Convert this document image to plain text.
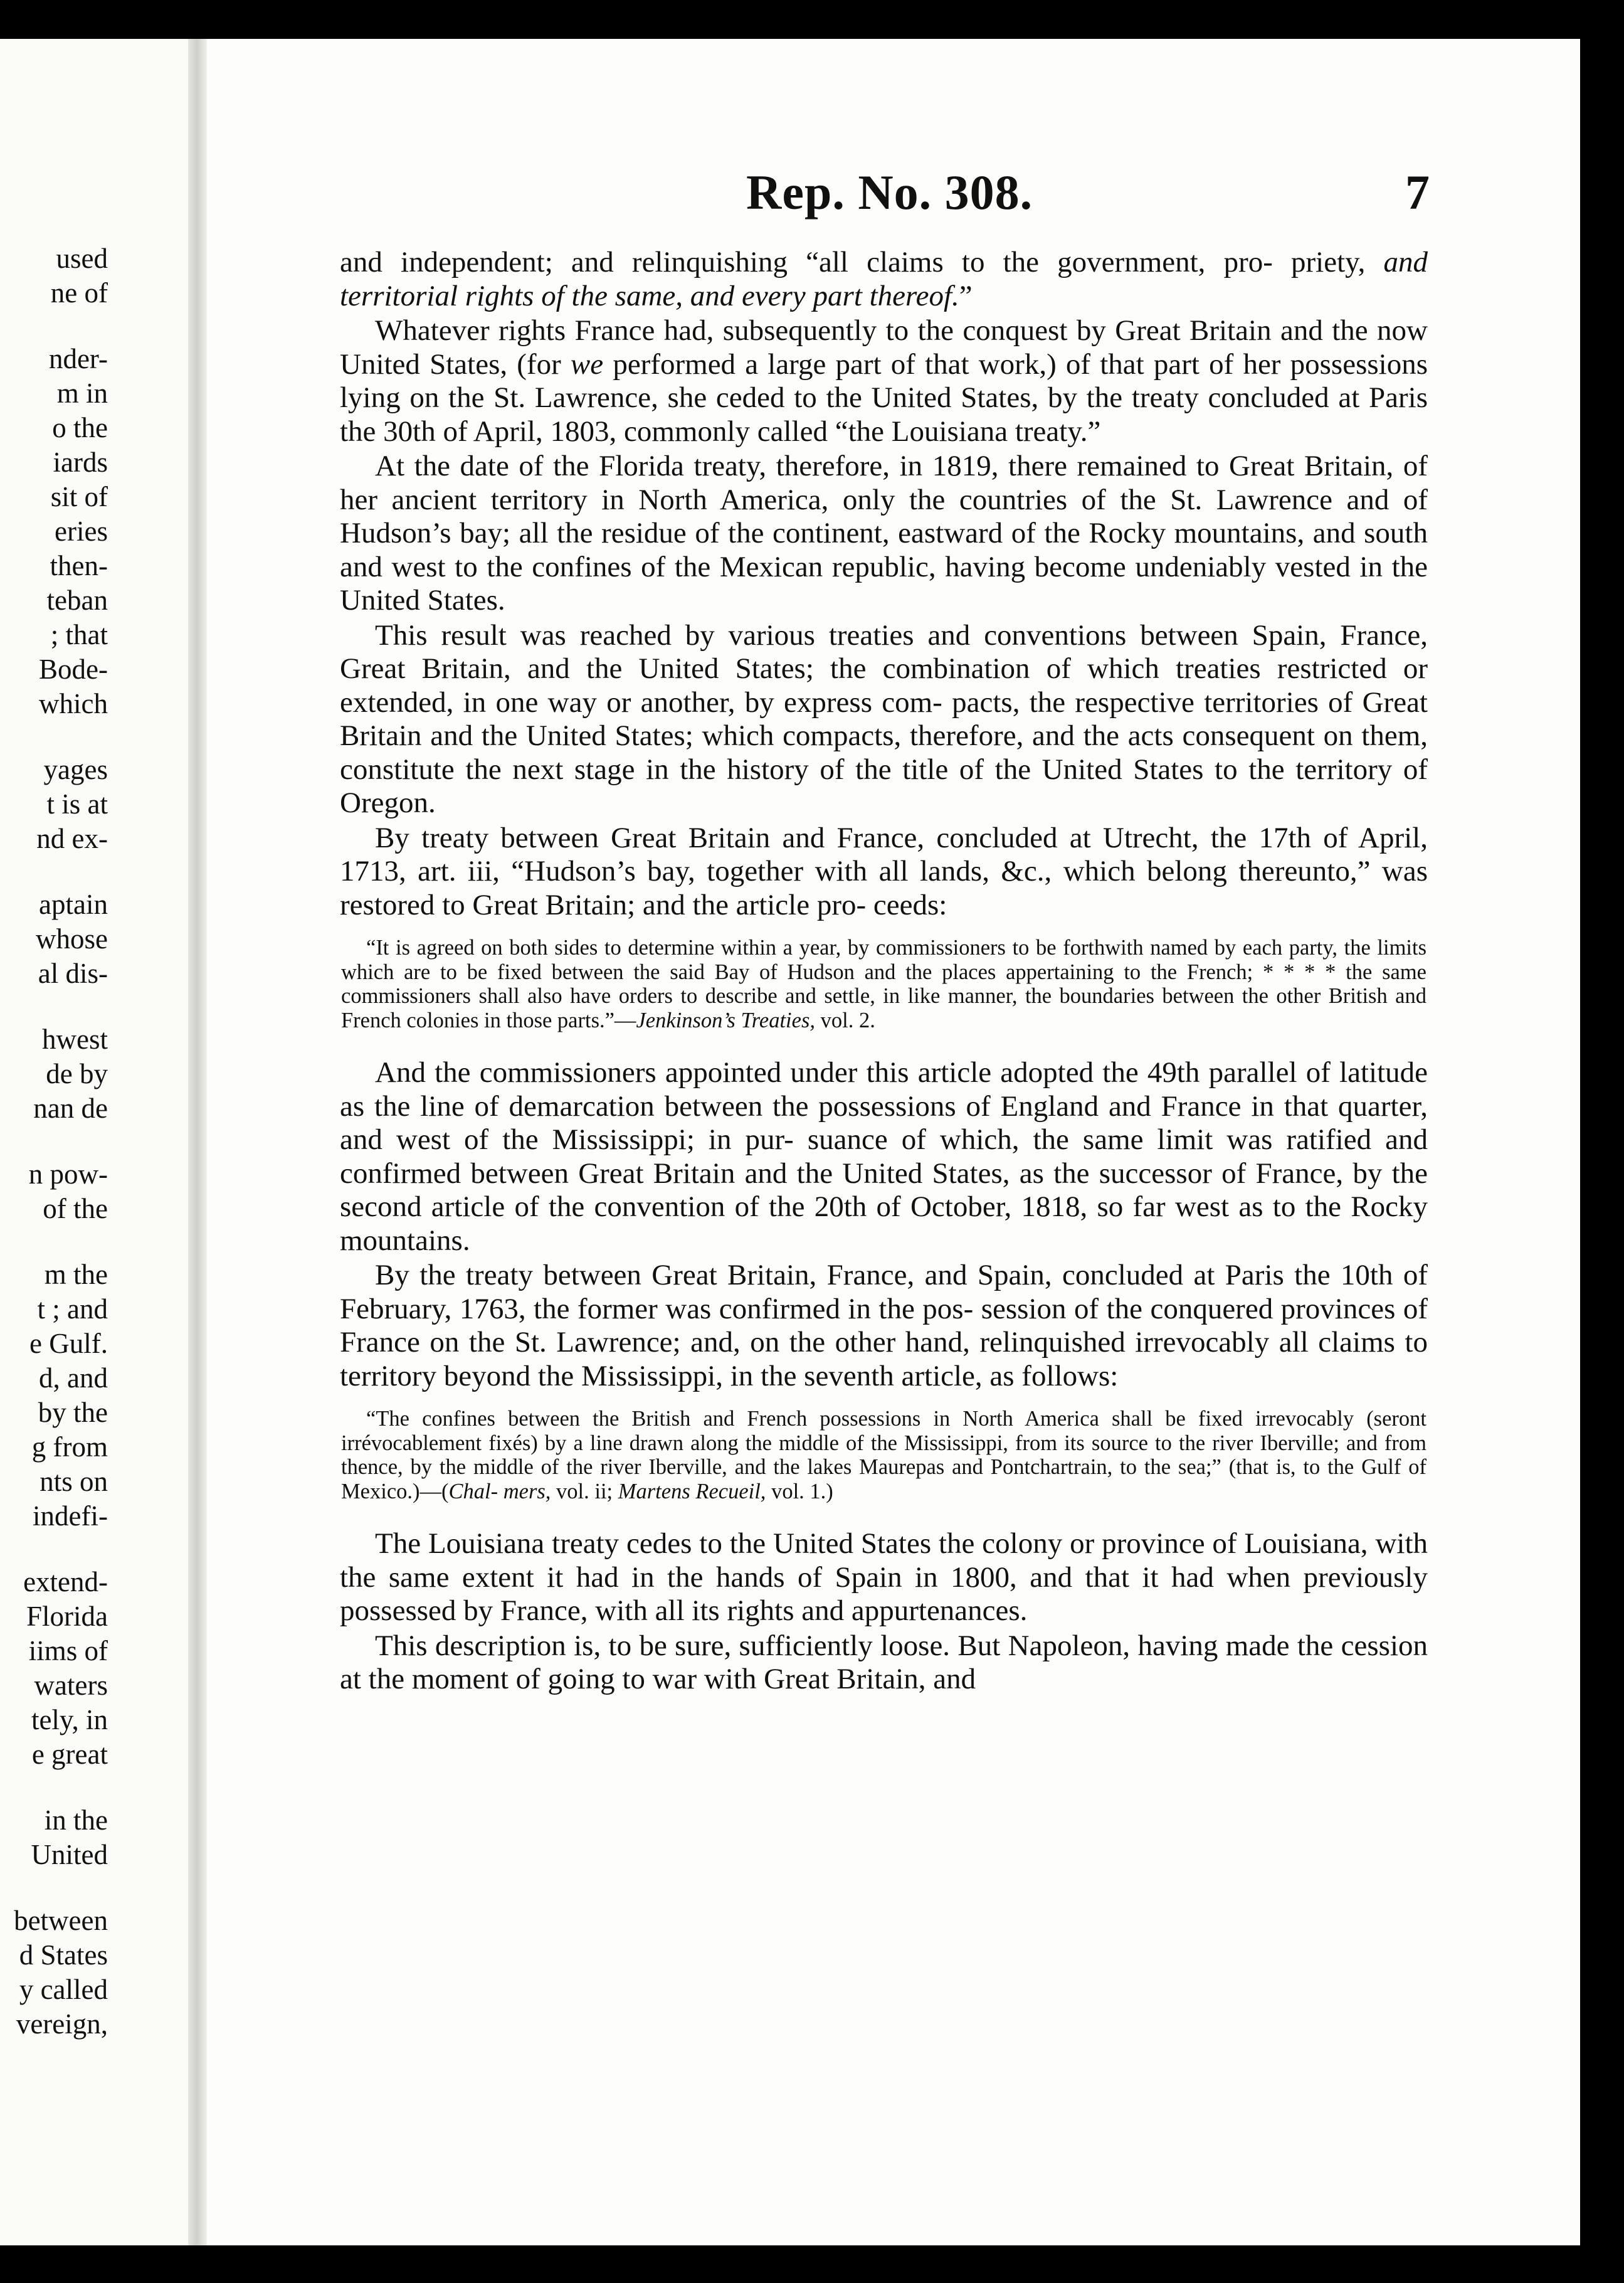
used
ne of
nder-
m in
o the
iards
sit of
eries
then-
teban
; that
Bode-
which
yages
t is at
nd ex-
aptain
whose
al dis-
hwest
de by
nan de
n pow-
of the
m the
t ; and
e Gulf.
d, and
by the
g from
nts on
indefi-
extend-
Florida
iims of
waters
tely, in
e great
in the
United
between
d States
y called
vereign,
Rep. No. 308.	7

and independent; and relinquishing “all claims to the government, pro- priety, and territorial rights of the same, and every part thereof.”

Whatever rights France had, subsequently to the conquest by Great Britain and the now United States, (for we performed a large part of that work,) of that part of her possessions lying on the St. Lawrence, she ceded to the United States, by the treaty concluded at Paris the 30th of April, 1803, commonly called “the Louisiana treaty.”

At the date of the Florida treaty, therefore, in 1819, there remained to Great Britain, of her ancient territory in North America, only the countries of the St. Lawrence and of Hudson’s bay; all the residue of the continent, eastward of the Rocky mountains, and south and west to the confines of the Mexican republic, having become undeniably vested in the United States.

This result was reached by various treaties and conventions between Spain, France, Great Britain, and the United States; the combination of which treaties restricted or extended, in one way or another, by express com- pacts, the respective territories of Great Britain and the United States; which compacts, therefore, and the acts consequent on them, constitute the next stage in the history of the title of the United States to the territory of Oregon.

By treaty between Great Britain and France, concluded at Utrecht, the 17th of April, 1713, art. iii, “Hudson’s bay, together with all lands, &c., which belong thereunto,” was restored to Great Britain; and the article pro- ceeds:

“It is agreed on both sides to determine within a year, by commissioners to be forthwith named by each party, the limits which are to be fixed between the said Bay of Hudson and the places appertaining to the French; * * * * the same commissioners shall also have orders to describe and settle, in like manner, the boundaries between the other British and French colonies in those parts.”—Jenkinson’s Treaties, vol. 2.

And the commissioners appointed under this article adopted the 49th parallel of latitude as the line of demarcation between the possessions of England and France in that quarter, and west of the Mississippi; in pur- suance of which, the same limit was ratified and confirmed between Great Britain and the United States, as the successor of France, by the second article of the convention of the 20th of October, 1818, so far west as to the Rocky mountains.

By the treaty between Great Britain, France, and Spain, concluded at Paris the 10th of February, 1763, the former was confirmed in the pos- session of the conquered provinces of France on the St. Lawrence; and, on the other hand, relinquished irrevocably all claims to territory beyond the Mississippi, in the seventh article, as follows:

“The confines between the British and French possessions in North America shall be fixed irrevocably (seront irrévocablement fixés) by a line drawn along the middle of the Mississippi, from its source to the river Iberville; and from thence, by the middle of the river Iberville, and the lakes Maurepas and Pontchartrain, to the sea;” (that is, to the Gulf of Mexico.)—(Chal- mers, vol. ii; Martens Recueil, vol. 1.)

The Louisiana treaty cedes to the United States the colony or province of Louisiana, with the same extent it had in the hands of Spain in 1800, and that it had when previously possessed by France, with all its rights and appurtenances.

This description is, to be sure, sufficiently loose. But Napoleon, having made the cession at the moment of going to war with Great Britain, and
